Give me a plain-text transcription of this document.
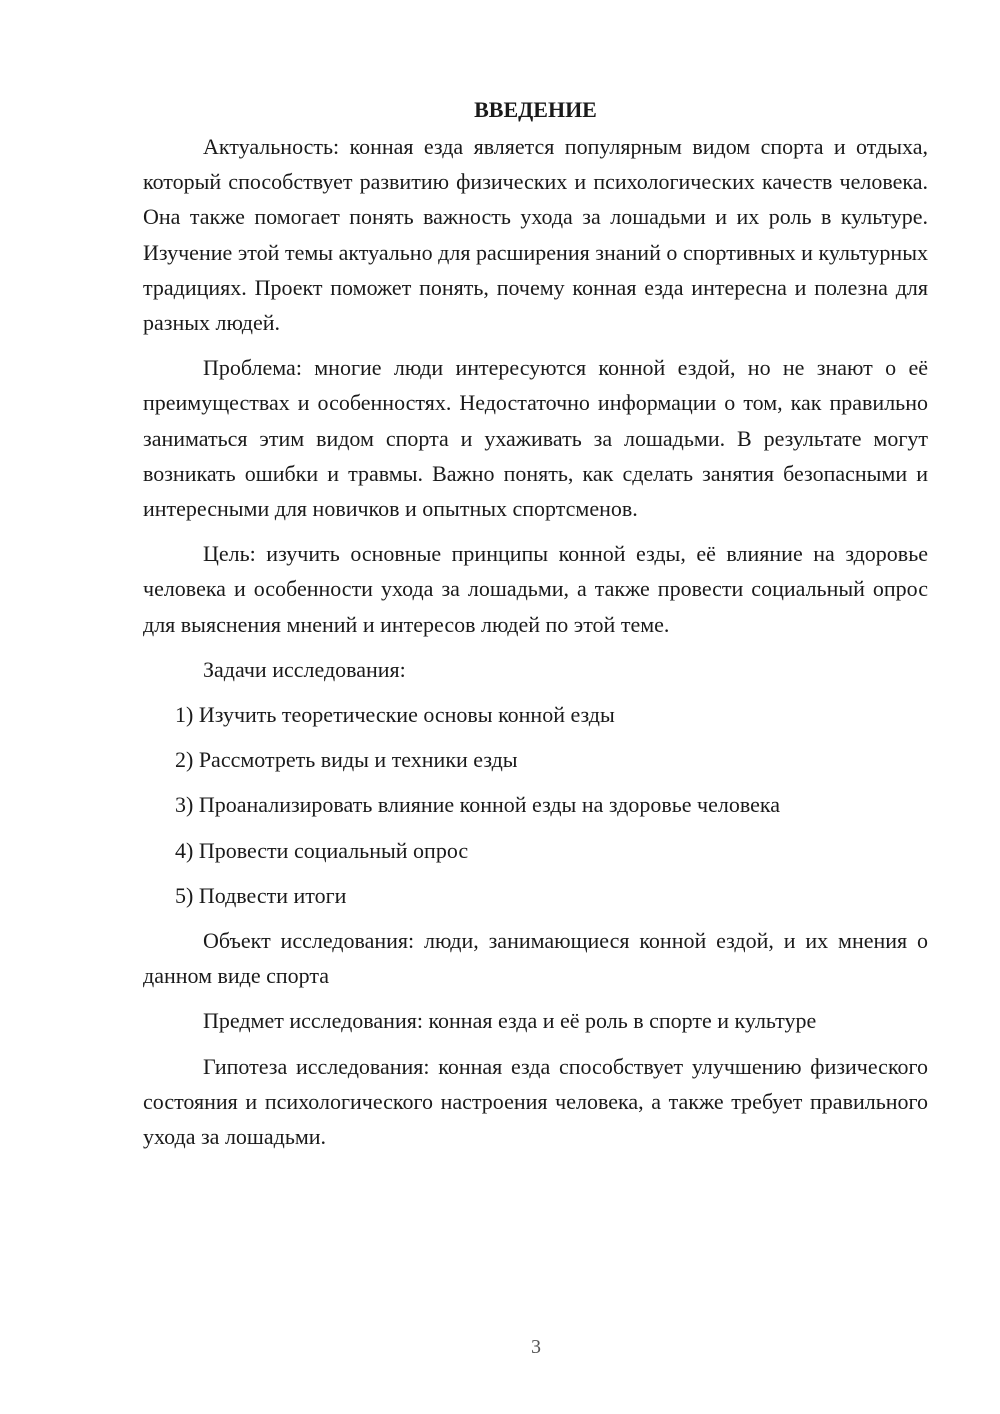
ВВЕДЕНИЕ

Актуальность: конная езда является популярным видом спорта и отдыха, который способствует развитию физических и психологических качеств человека. Она также помогает понять важность ухода за лошадьми и их роль в культуре. Изучение этой темы актуально для расширения знаний о спортивных и культурных традициях. Проект поможет понять, почему конная езда интересна и полезна для разных людей.

Проблема: многие люди интересуются конной ездой, но не знают о её преимуществах и особенностях. Недостаточно информации о том, как правильно заниматься этим видом спорта и ухаживать за лошадьми. В результате могут возникать ошибки и травмы. Важно понять, как сделать занятия безопасными и интересными для новичков и опытных спортсменов.

Цель: изучить основные принципы конной езды, её влияние на здоровье человека и особенности ухода за лошадьми, а также провести социальный опрос для выяснения мнений и интересов людей по этой теме.

Задачи исследования:

1) Изучить теоретические основы конной езды
2) Рассмотреть виды и техники езды
3) Проанализировать влияние конной езды на здоровье человека
4) Провести социальный опрос
5) Подвести итоги

Объект исследования: люди, занимающиеся конной ездой, и их мнения о данном виде спорта

Предмет исследования: конная езда и её роль в спорте и культуре

Гипотеза исследования: конная езда способствует улучшению физического состояния и психологического настроения человека, а также требует правильного ухода за лошадьми.

3
